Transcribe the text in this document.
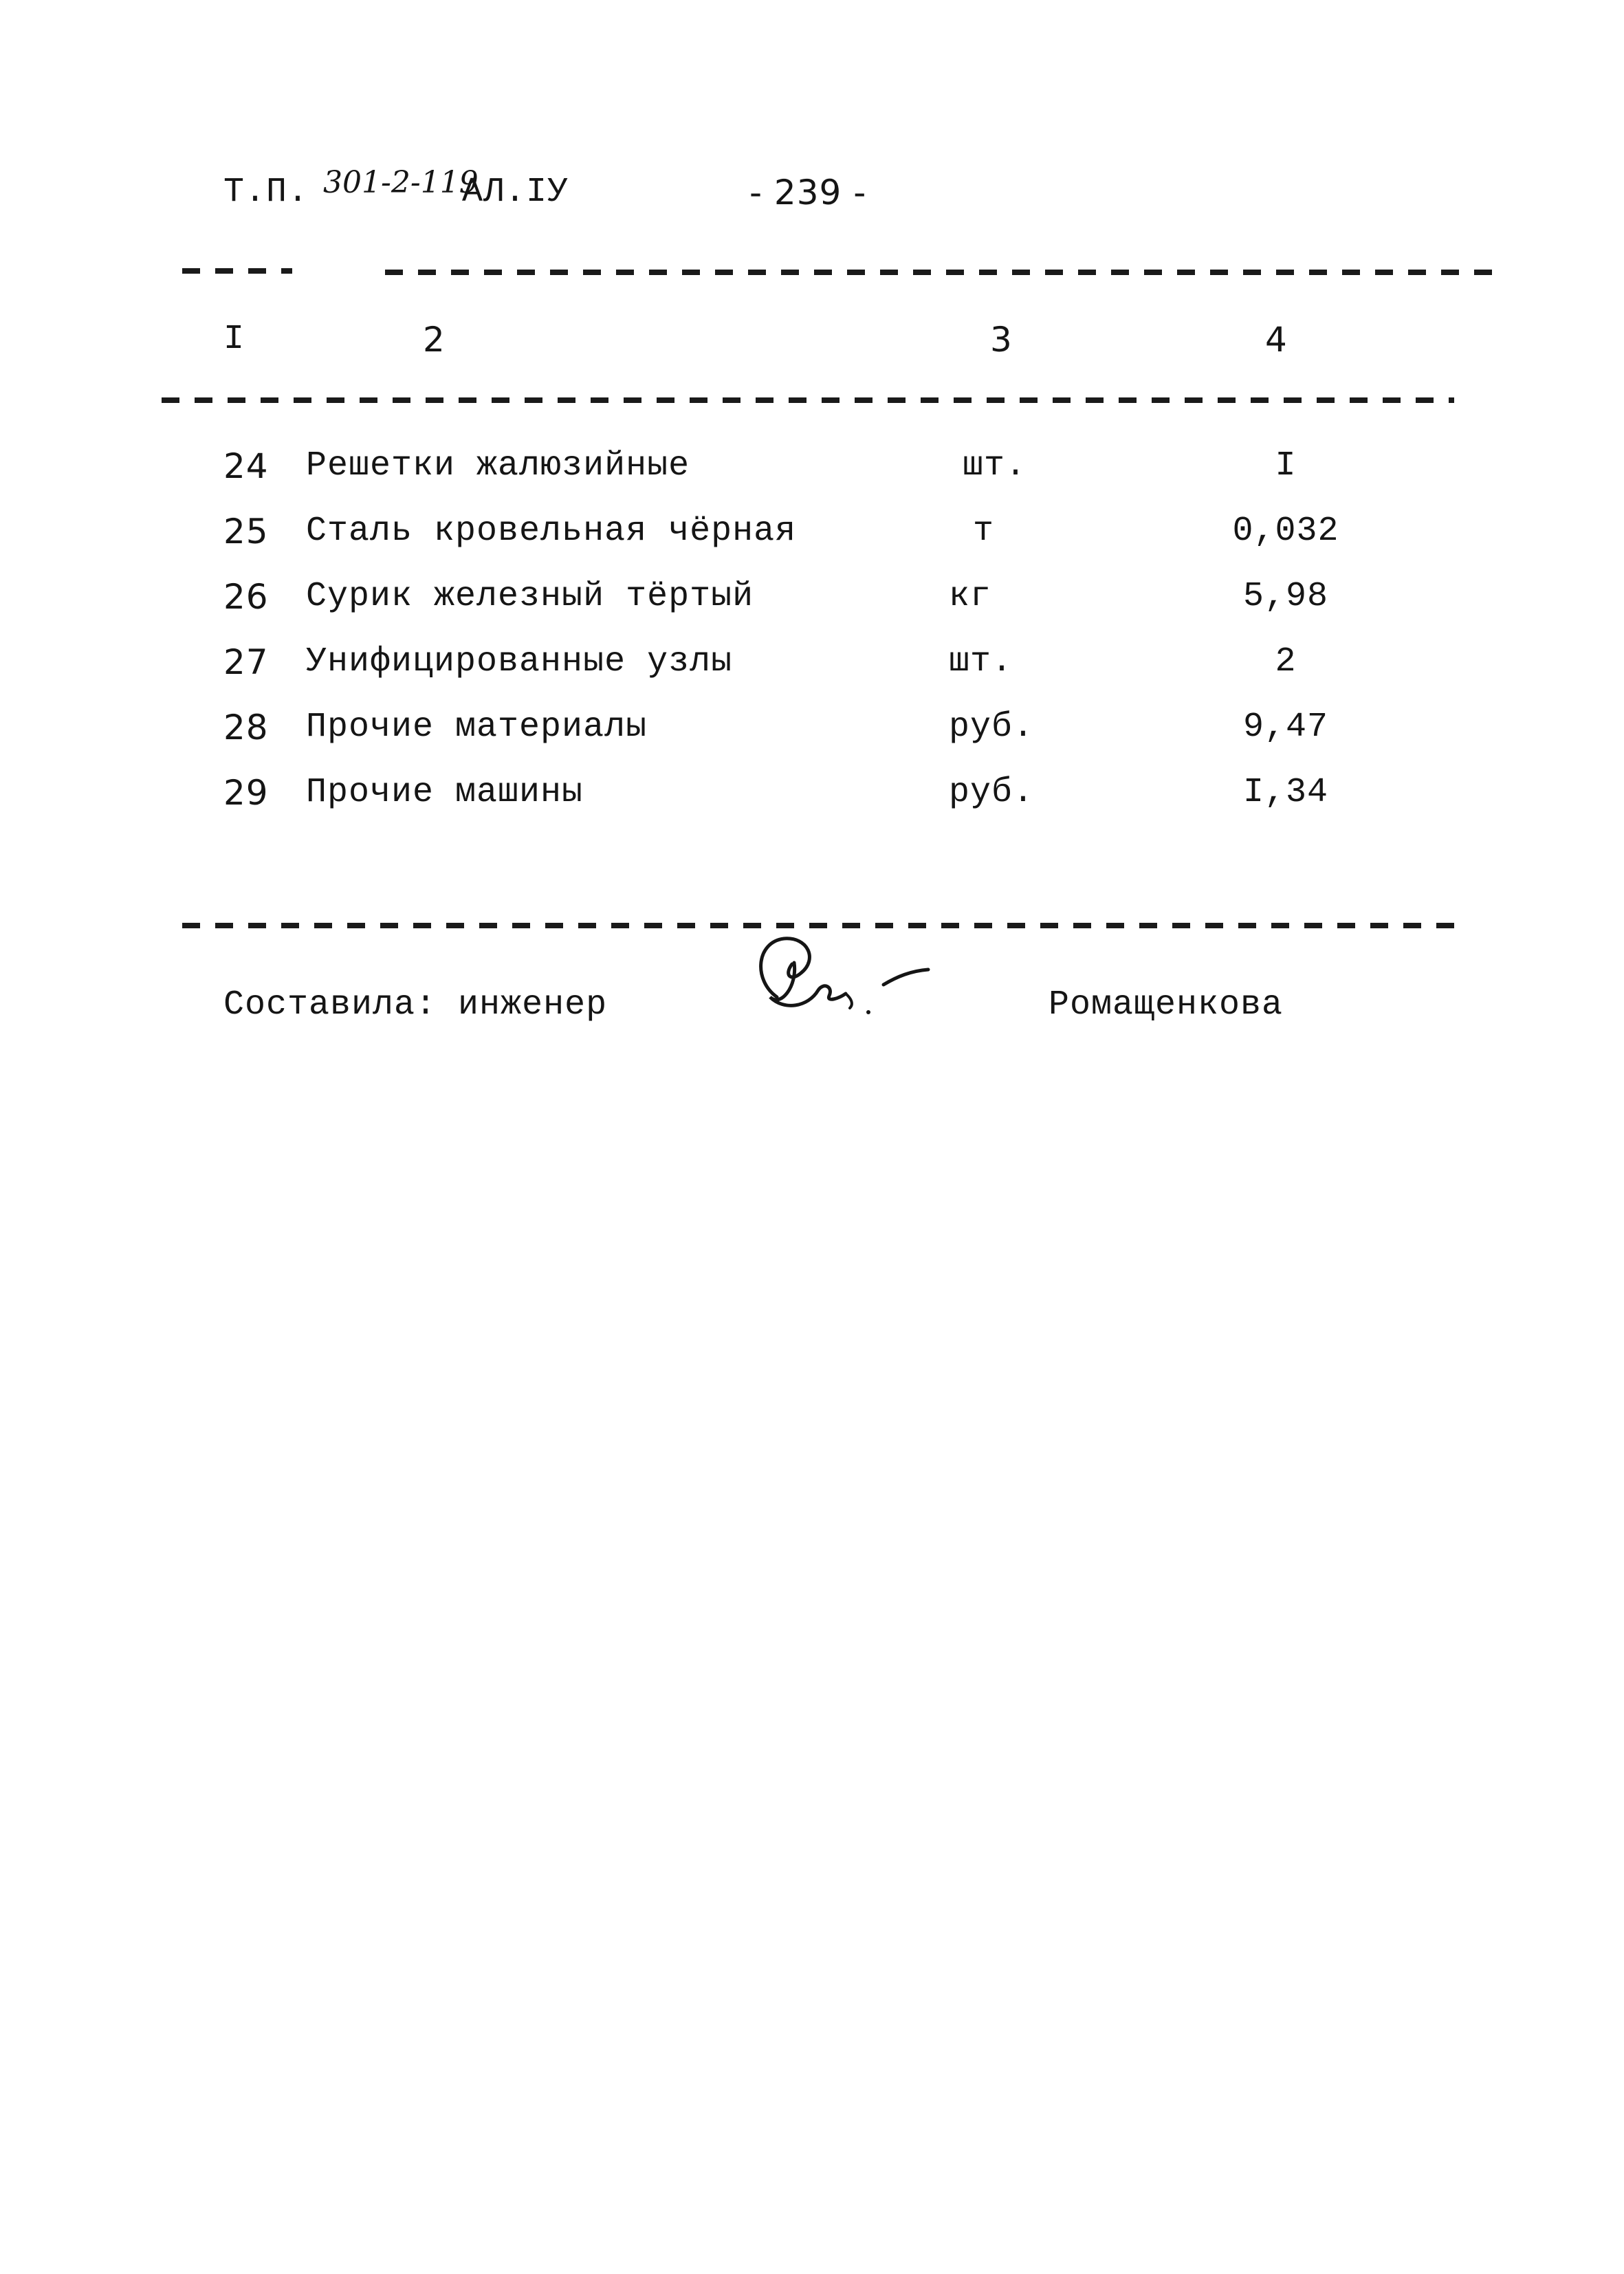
Т.П. 301-2-119
АЛ.IУ	- 239 -
I	2	3	4
24 Решетки жалюзийные	шт.	I
25 Сталь кровельная чёрная	т	0,032
26 Сурик железный тёртый	кг	5,98
27 Унифицированные узлы	шт.	2
28 Прочие материалы	руб.	9,47
29 Прочие машины	руб.	I,34
Составила: инженер	Ромащенкова
